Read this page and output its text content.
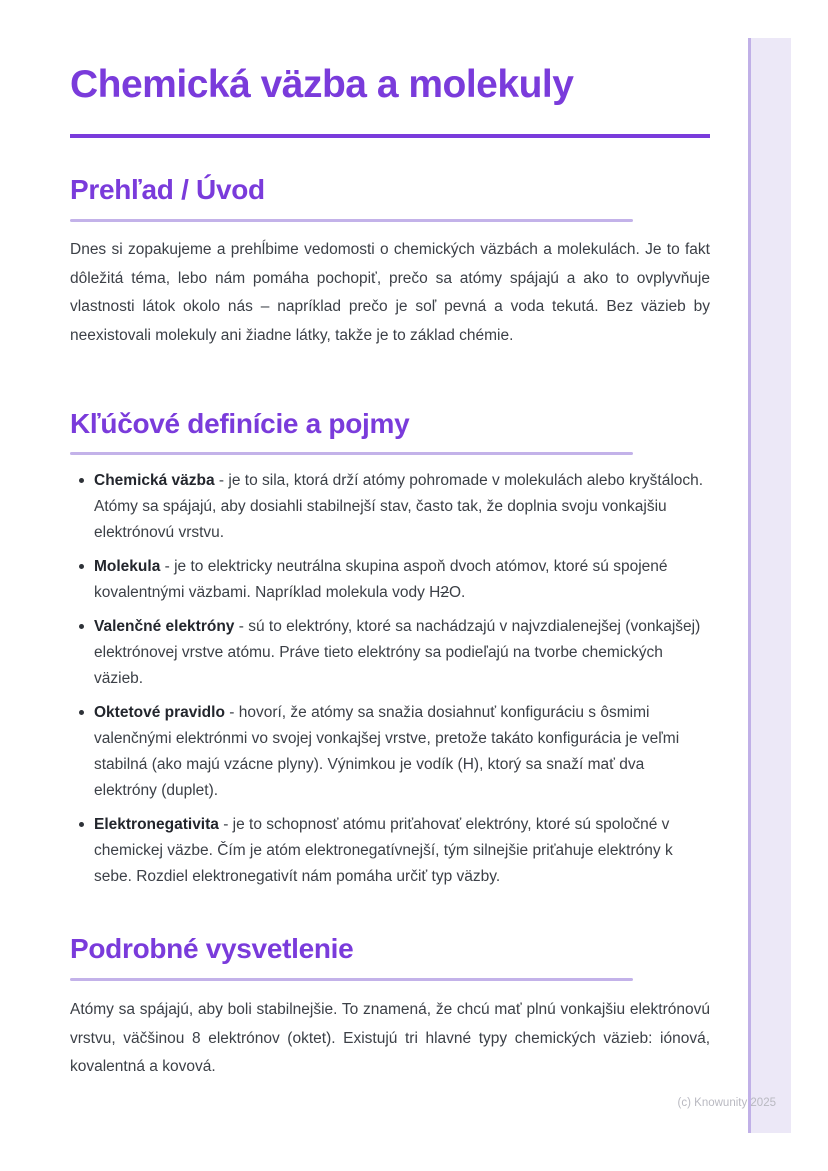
Chemická väzba a molekuly
Prehľad / Úvod

Dnes si zopakujeme a prehĺbime vedomosti o chemických väzbách a molekulách. Je to fakt dôležitá téma, lebo nám pomáha pochopiť, prečo sa atómy spájajú a ako to ovplyvňuje vlastnosti látok okolo nás – napríklad prečo je soľ pevná a voda tekutá. Bez väzieb by neexistovali molekuly ani žiadne látky, takže je to základ chémie.

Kľúčové definície a pojmy
Chemická väzba - je to sila, ktorá drží atómy pohromade v molekulách alebo kryštáloch. Atómy sa spájajú, aby dosiahli stabilnejší stav, často tak, že doplnia svoju vonkajšiu elektrónovú vrstvu.
Molekula - je to elektricky neutrálna skupina aspoň dvoch atómov, ktoré sú spojené kovalentnými väzbami. Napríklad molekula vody H2O.
Valenčné elektróny - sú to elektróny, ktoré sa nachádzajú v najvzdialenejšej (vonkajšej) elektrónovej vrstve atómu. Práve tieto elektróny sa podieľajú na tvorbe chemických väzieb.
Oktetové pravidlo - hovorí, že atómy sa snažia dosiahnuť konfiguráciu s ôsmimi valenčnými elektrónmi vo svojej vonkajšej vrstve, pretože takáto konfigurácia je veľmi stabilná (ako majú vzácne plyny). Výnimkou je vodík (H), ktorý sa snaží mať dva elektróny (duplet).
Elektronegativita - je to schopnosť atómu priťahovať elektróny, ktoré sú spoločné v chemickej väzbe. Čím je atóm elektronegatívnejší, tým silnejšie priťahuje elektróny k sebe. Rozdiel elektronegativít nám pomáha určiť typ väzby.
Podrobné vysvetlenie

Atómy sa spájajú, aby boli stabilnejšie. To znamená, že chcú mať plnú vonkajšiu elektrónovú vrstvu, väčšinou 8 elektrónov (oktet). Existujú tri hlavné typy chemických väzieb: iónová, kovalentná a kovová.

(c) Knowunity 2025
